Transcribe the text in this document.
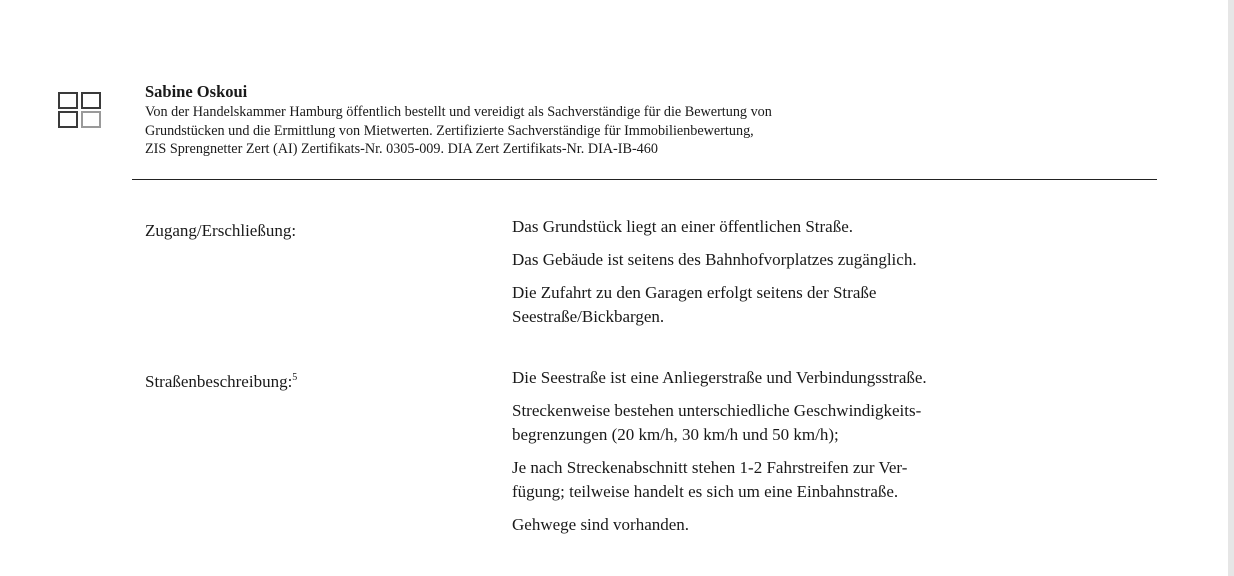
Sabine Oskoui
Von der Handelskammer Hamburg öffentlich bestellt und vereidigt als Sachverständige für die Bewertung von
Grundstücken und die Ermittlung von Mietwerten. Zertifizierte Sachverständige für Immobilienbewertung,
ZIS Sprengnetter Zert (AI) Zertifikats-Nr. 0305-009. DIA Zert Zertifikats-Nr. DIA-IB-460
Zugang/Erschließung:	Das Grundstück liegt an einer öffentlichen Straße.

Das Gebäude ist seitens des Bahnhofvorplatzes zugänglich.

Die Zufahrt zu den Garagen erfolgt seitens der Straße
Seestraße/Bickbargen.

Straßenbeschreibung:$^5$	Die Seestraße ist eine Anliegerstraße und Verbindungsstraße.

Streckenweise bestehen unterschiedliche Geschwindigkeits-
begrenzungen (20 km/h, 30 km/h und 50 km/h);

Je nach Streckenabschnitt stehen 1-2 Fahrstreifen zur Ver-
fügung; teilweise handelt es sich um eine Einbahnstraße.

Gehwege sind vorhanden.
